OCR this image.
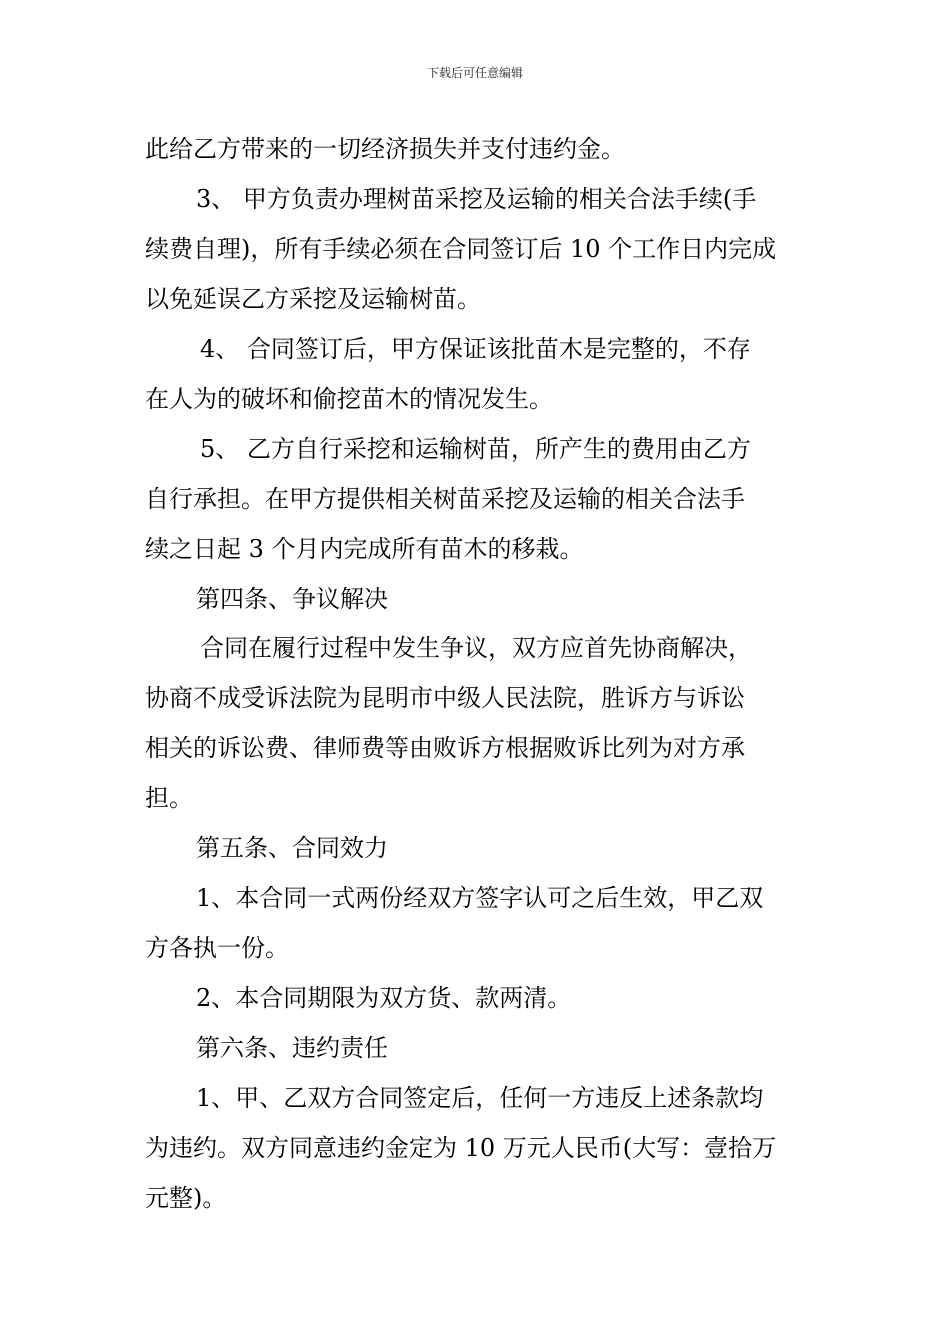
下载后可任意编辑
此给乙方带来的一切经济损失并支付违约金。
3、 甲方负责办理树苗采挖及运输的相关合法手续(手
续费自理)，所有手续必须在合同签订后 10 个工作日内完成
以免延误乙方采挖及运输树苗。
4、 合同签订后，甲方保证该批苗木是完整的，不存
在人为的破坏和偷挖苗木的情况发生。
5、 乙方自行采挖和运输树苗，所产生的费用由乙方
自行承担。在甲方提供相关树苗采挖及运输的相关合法手
续之日起 3 个月内完成所有苗木的移栽。
第四条、争议解决
合同在履行过程中发生争议，双方应首先协商解决，
协商不成受诉法院为昆明市中级人民法院，胜诉方与诉讼
相关的诉讼费、律师费等由败诉方根据败诉比列为对方承
担。
第五条、合同效力
1、本合同一式两份经双方签字认可之后生效，甲乙双
方各执一份。
2、本合同期限为双方货、款两清。
第六条、违约责任
1、甲、乙双方合同签定后，任何一方违反上述条款均
为违约。双方同意违约金定为 10 万元人民币(大写：壹拾万
元整)。
